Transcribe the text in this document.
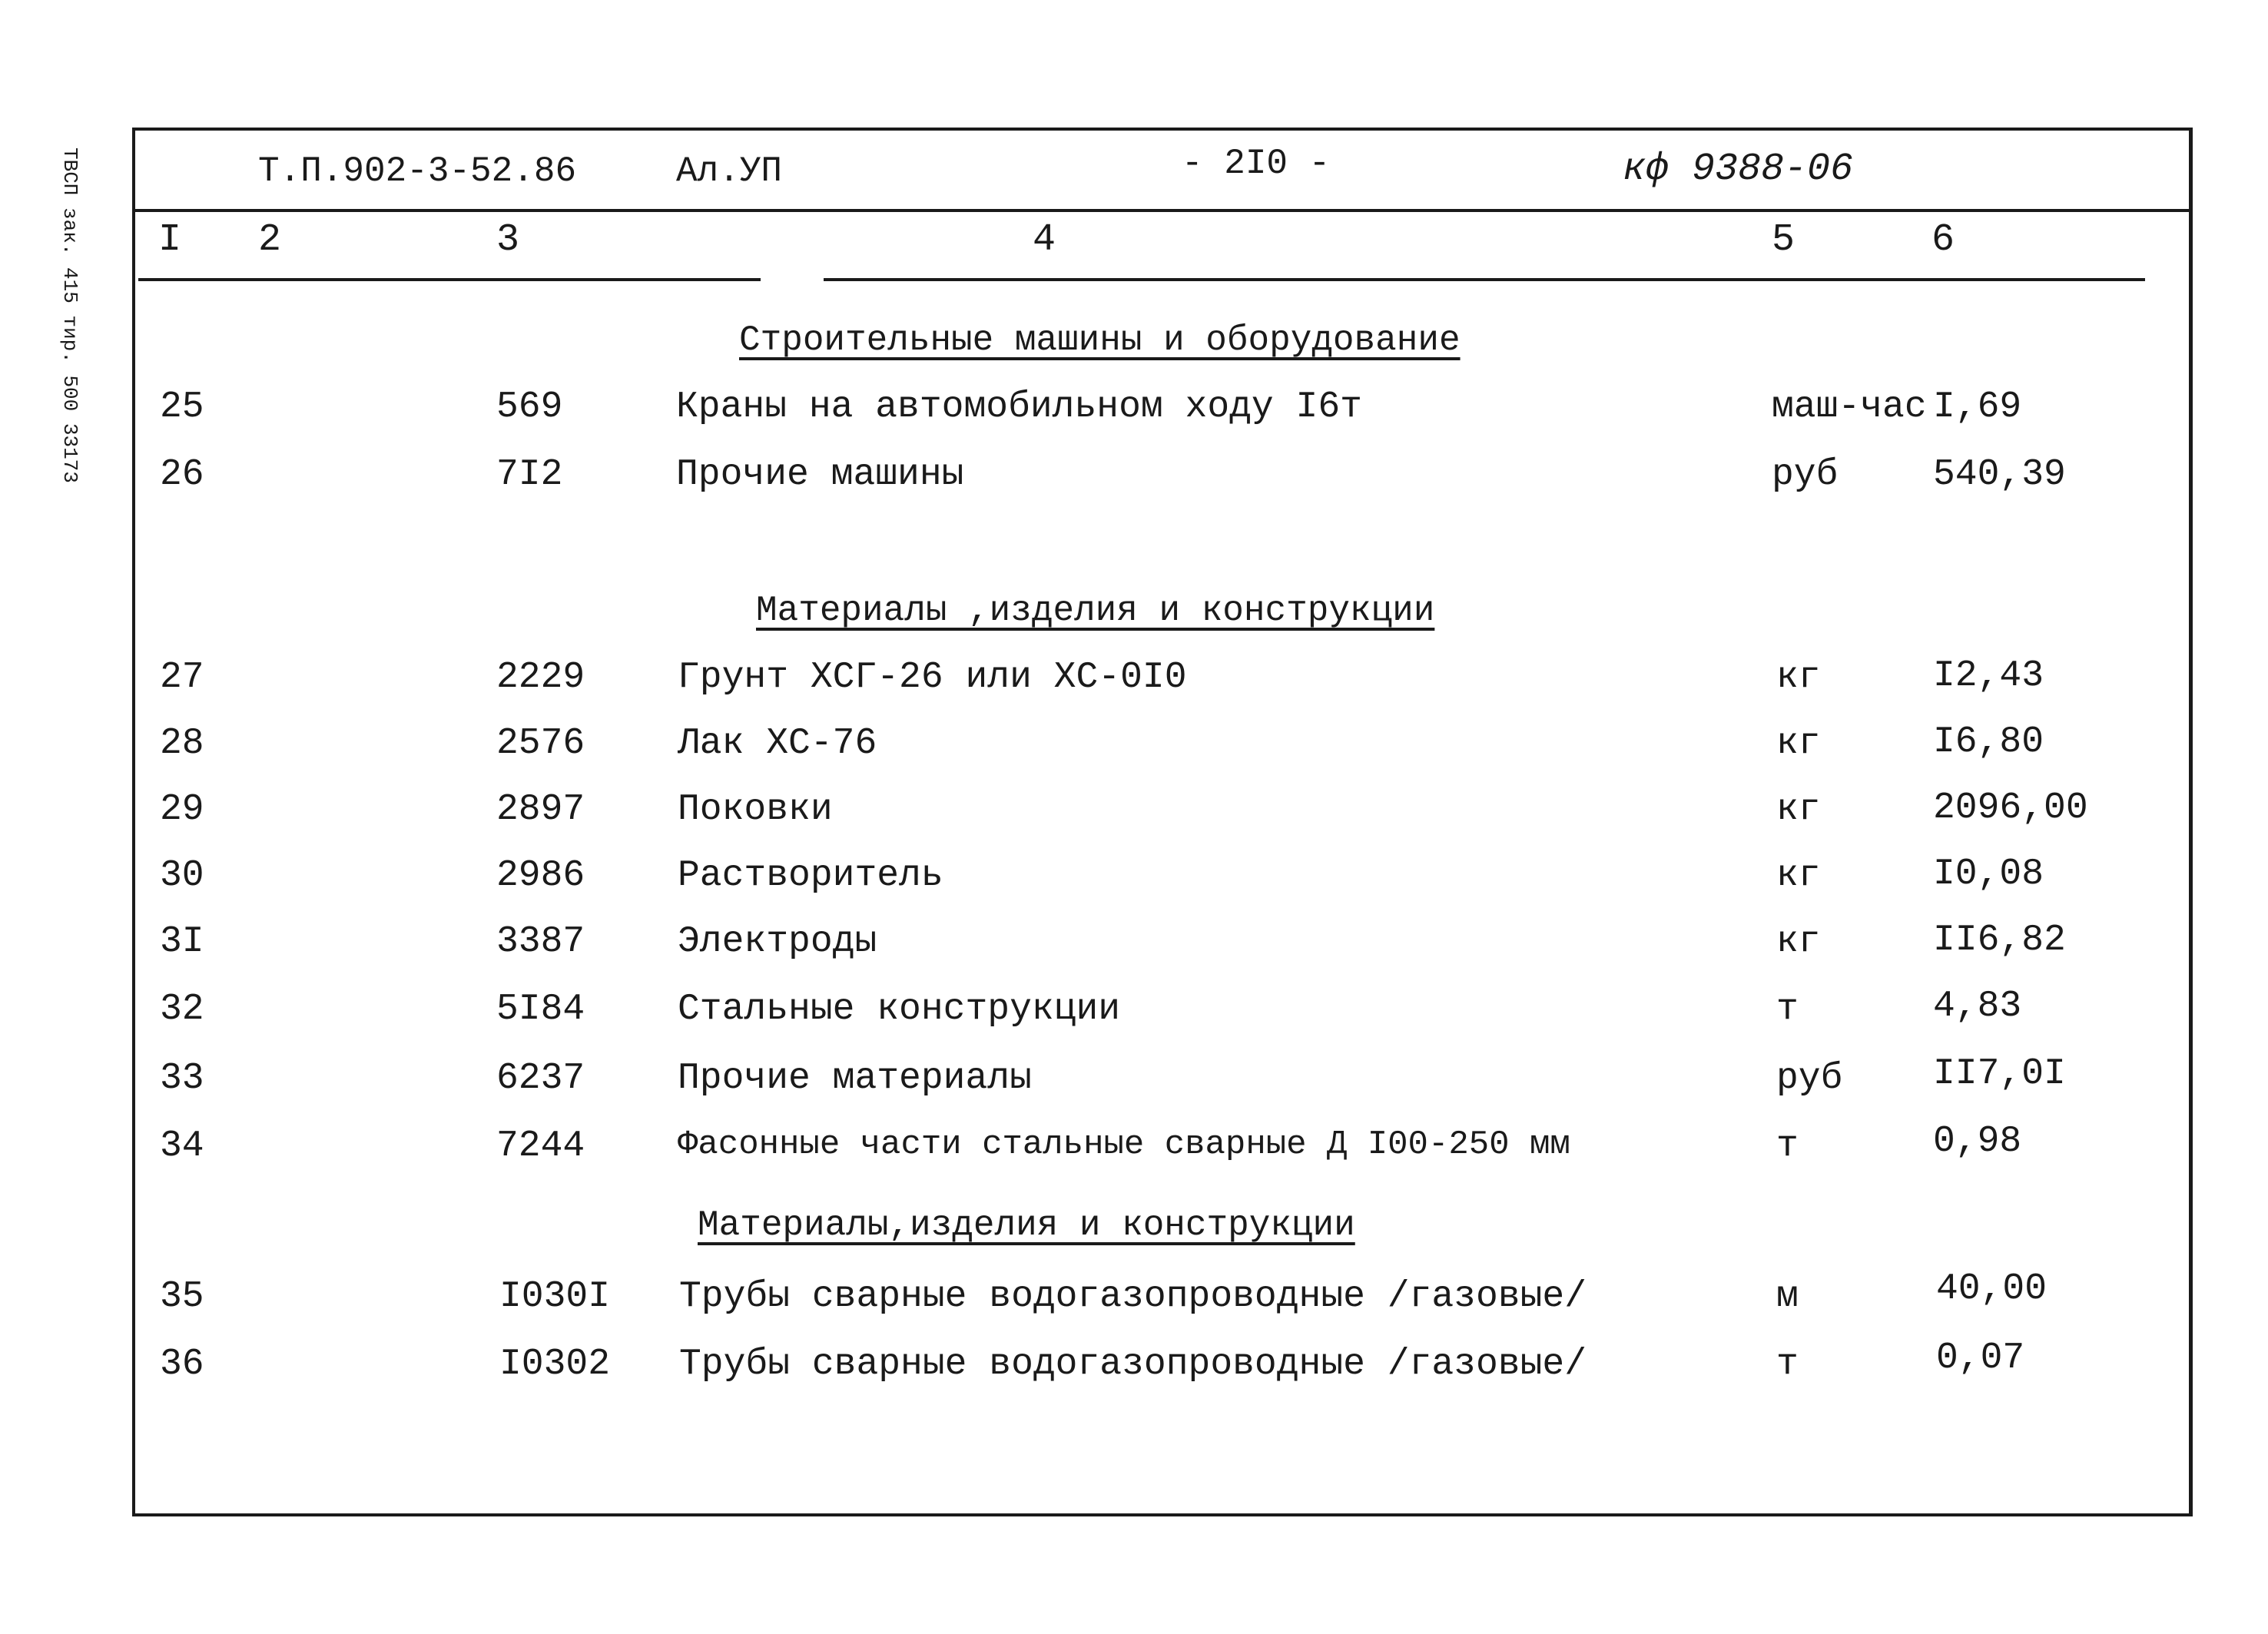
ТВСП зак. 415 тир. 500 33173	Т.П.902-3-52.86	Ал.УП	- 2I0 -	кф 9388-06
I 2	3	4	5	6
Строительные машины и оборудование
25	569	Краны на автомобильном ходу I6т	маш-час I,69
26	7I2	Прочие машины	руб	540,39
Материалы ,изделия и конструкции
27	2229	Грунт ХСГ-26 или ХС-0I0	кг	I2,43
28	2576	Лак ХС-76	кг	I6,80
29	2897	Поковки	кг	2096,00
30	2986	Растворитель	кг	I0,08
3I	3387	Электроды	кг	II6,82
32	5I84	Стальные конструкции	т	4,83
33	6237	Прочие материалы	руб II7,0I
34	7244	Фасонные части стальные сварные Д I00-250 мм	т	0,98
Материалы,изделия и конструкции
35	I030I Трубы сварные водогазопроводные /газовые/	м	40,00
36	I0302 Трубы сварные водогазопроводные /газовые/	т	0,07
